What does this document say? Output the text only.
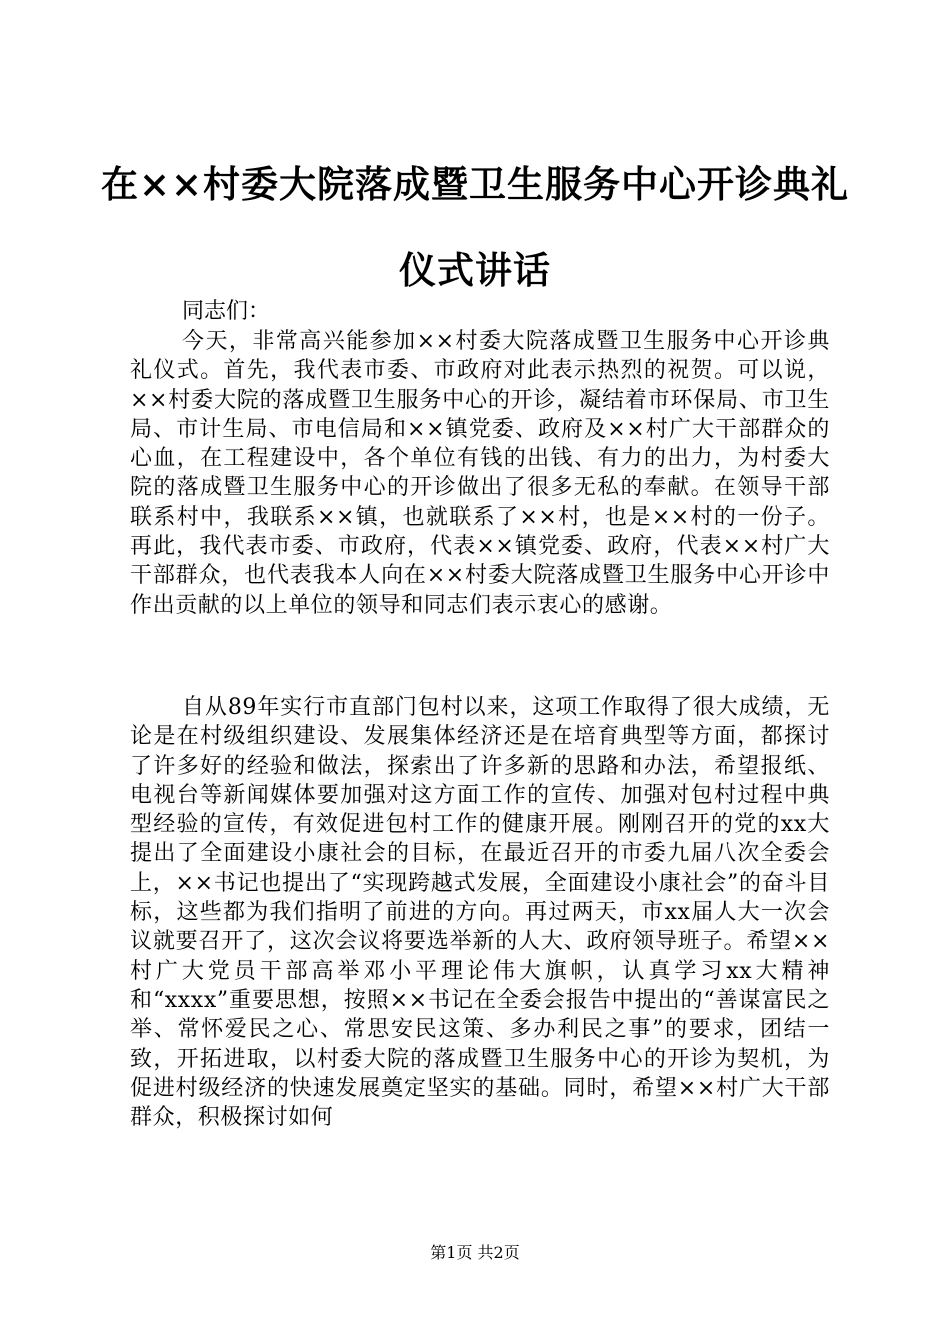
在××村委大院落成暨卫生服务中心开诊典礼
仪式讲话
同志们：
今天，非常高兴能参加××村委大院落成暨卫生服务中心开诊典礼仪式。首先，我代表市委、市政府对此表示热烈的祝贺。可以说，××村委大院的落成暨卫生服务中心的开诊，凝结着市环保局、市卫生局、市计生局、市电信局和××镇党委、政府及××村广大干部群众的心血，在工程建设中，各个单位有钱的出钱、有力的出力，为村委大院的落成暨卫生服务中心的开诊做出了很多无私的奉献。在领导干部联系村中，我联系××镇，也就联系了××村，也是××村的一份子。再此，我代表市委、市政府，代表××镇党委、政府，代表××村广大干部群众，也代表我本人向在××村委大院落成暨卫生服务中心开诊中作出贡献的以上单位的领导和同志们表示衷心的感谢。
自从89年实行市直部门包村以来，这项工作取得了很大成绩，无论是在村级组织建设、发展集体经济还是在培育典型等方面，都探讨了许多好的经验和做法，探索出了许多新的思路和办法，希望报纸、电视台等新闻媒体要加强对这方面工作的宣传、加强对包村过程中典型经验的宣传，有效促进包村工作的健康开展。刚刚召开的党的xx大提出了全面建设小康社会的目标，在最近召开的市委九届八次全委会上，××书记也提出了“实现跨越式发展，全面建设小康社会”的奋斗目标，这些都为我们指明了前进的方向。再过两天，市xx届人大一次会议就要召开了，这次会议将要选举新的人大、政府领导班子。希望××村广大党员干部高举邓小平理论伟大旗帜，认真学习xx大精神和“xxxx”重要思想，按照××书记在全委会报告中提出的“善谋富民之举、常怀爱民之心、常思安民这策、多办利民之事”的要求，团结一致，开拓进取，以村委大院的落成暨卫生服务中心的开诊为契机，为促进村级经济的快速发展奠定坚实的基础。同时，希望××村广大干部群众，积极探讨如何
第1页 共2页
